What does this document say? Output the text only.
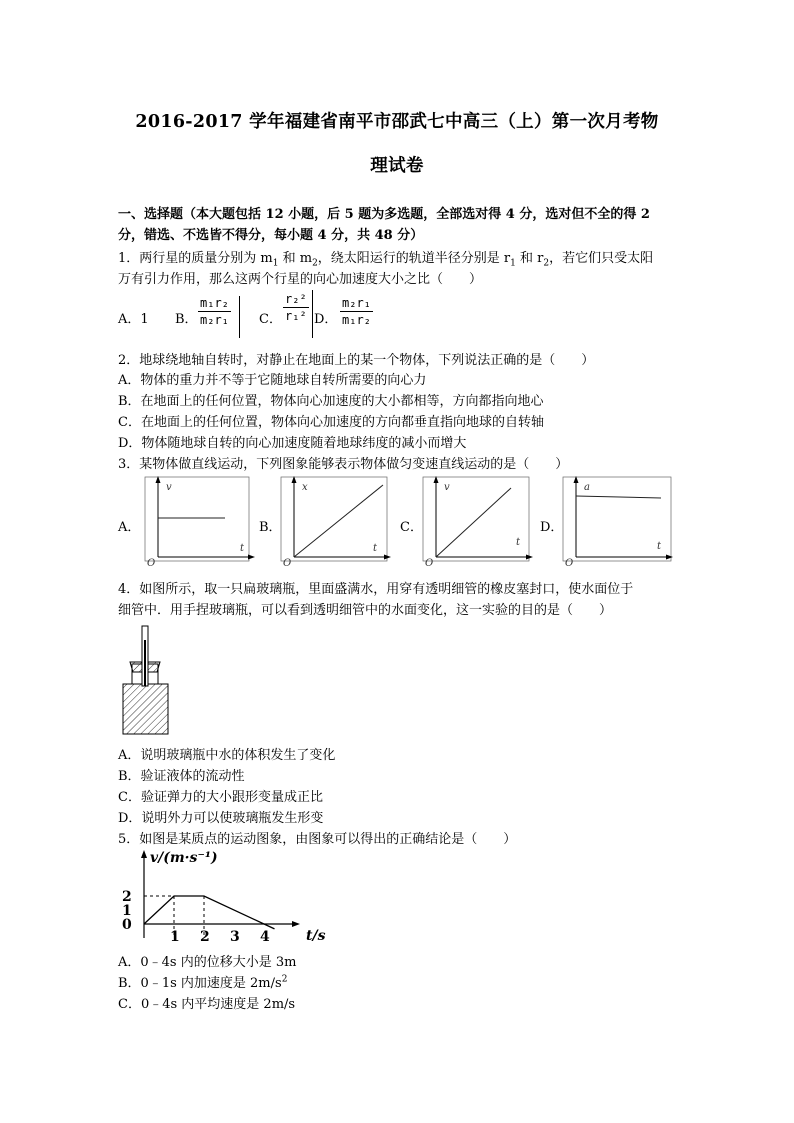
2016-2017 学年福建省南平市邵武七中高三（上）第一次月考物
理试卷
一、选择题（本大题包括 12 小题，后 5 题为多选题，全部选对得 4 分，选对但不全的得 2
分，错选、不选皆不得分，每小题 4 分，共 48 分）
1．两行星的质量分别为 $m_1$ 和 $m_2$，绕太阳运行的轨道半径分别是 $r_1$ 和 $r_2$，若它们只受太阳
万有引力作用，那么这两个行星的向心加速度大小之比（　　）
A．1 B．
m₁r₂
m₂r₁ C．
r₂²
r₁² D．
m₂r₁
m₁r₂
2．地球绕地轴自转时，对静止在地面上的某一个物体，下列说法正确的是（　　）
A．物体的重力并不等于它随地球自转所需要的向心力
B．在地面上的任何位置，物体向心加速度的大小都相等，方向都指向地心
C．在地面上的任何位置，物体向心加速度的方向都垂直指向地球的自转轴
D．物体随地球自转的向心加速度随着地球纬度的减小而增大
3．某物体做直线运动，下列图象能够表示物体做匀变速直线运动的是（　　）
A．
v
t
O
B．
x
t
O
C．
v
t
O
D．
a
t
O
4．如图所示，取一只扁玻璃瓶，里面盛满水，用穿有透明细管的橡皮塞封口，使水面位于
细管中．用手捏玻璃瓶，可以看到透明细管中的水面变化，这一实验的目的是（　　）
A．说明玻璃瓶中水的体积发生了变化
B．验证液体的流动性
C．验证弹力的大小跟形变量成正比
D．说明外力可以使玻璃瓶发生形变
5．如图是某质点的运动图象，由图象可以得出的正确结论是（　　）
v/(m·s⁻¹)
t/s
2
1
0
1 2 3 4
A．0﹣4s 内的位移大小是 3m
B．0﹣1s 内加速度是 $2m/s^2$
C．0﹣4s 内平均速度是 2m/s
